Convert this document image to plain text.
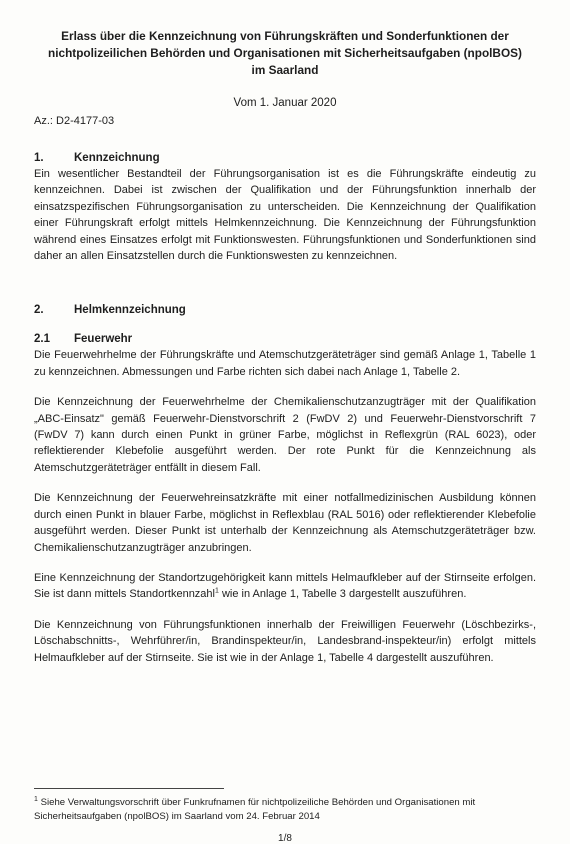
Erlass über die Kennzeichnung von Führungskräften und Sonderfunktionen der nichtpolizeilichen Behörden und Organisationen mit Sicherheitsaufgaben (npolBOS) im Saarland
Vom 1. Januar 2020
Az.: D2-4177-03
1.	Kennzeichnung

Ein wesentlicher Bestandteil der Führungsorganisation ist es die Führungskräfte eindeutig zu kennzeichnen. Dabei ist zwischen der Qualifikation und der Führungsfunktion innerhalb der einsatzspezifischen Führungsorganisation zu unterscheiden. Die Kennzeichnung der Qualifikation einer Führungskraft erfolgt mittels Helmkennzeichnung. Die Kennzeichnung der Führungsfunktion während eines Einsatzes erfolgt mit Funktionswesten. Führungsfunktionen und Sonderfunktionen sind daher an allen Einsatzstellen durch die Funktionswesten zu kennzeichnen.

2.	Helmkennzeichnung
2.1	Feuerwehr

Die Feuerwehrhelme der Führungskräfte und Atemschutzgeräteträger sind gemäß Anlage 1, Tabelle 1 zu kennzeichnen. Abmessungen und Farbe richten sich dabei nach Anlage 1, Tabelle 2.

Die Kennzeichnung der Feuerwehrhelme der Chemikalienschutzanzugträger mit der Qualifikation „ABC-Einsatz" gemäß Feuerwehr-Dienstvorschrift 2 (FwDV 2) und Feuerwehr-Dienstvorschrift 7 (FwDV 7) kann durch einen Punkt in grüner Farbe, möglichst in Reflexgrün (RAL 6023), oder reflektierender Klebefolie ausgeführt werden. Der rote Punkt für die Kennzeichnung als Atemschutzgeräteträger entfällt in diesem Fall.

Die Kennzeichnung der Feuerwehreinsatzkräfte mit einer notfallmedizinischen Ausbildung können durch einen Punkt in blauer Farbe, möglichst in Reflexblau (RAL 5016) oder reflektierender Klebefolie ausgeführt werden. Dieser Punkt ist unterhalb der Kennzeichnung als Atemschutzgeräteträger bzw. Chemikalienschutzanzugträger anzubringen.

Eine Kennzeichnung der Standortzugehörigkeit kann mittels Helmaufkleber auf der Stirnseite erfolgen. Sie ist dann mittels Standortkennzahl$^1$ wie in Anlage 1, Tabelle 3 dargestellt auszuführen.

Die Kennzeichnung von Führungsfunktionen innerhalb der Freiwilligen Feuerwehr (Löschbezirks-, Löschabschnitts-, Wehrführer/in, Brandinspekteur/in, Landesbrand-inspekteur/in) erfolgt mittels Helmaufkleber auf der Stirnseite. Sie ist wie in der Anlage 1, Tabelle 4 dargestellt auszuführen.

$^1$ Siehe Verwaltungsvorschrift über Funkrufnamen für nichtpolizeiliche Behörden und Organisationen mit Sicherheitsaufgaben (npolBOS) im Saarland vom 24. Februar 2014

1/8
